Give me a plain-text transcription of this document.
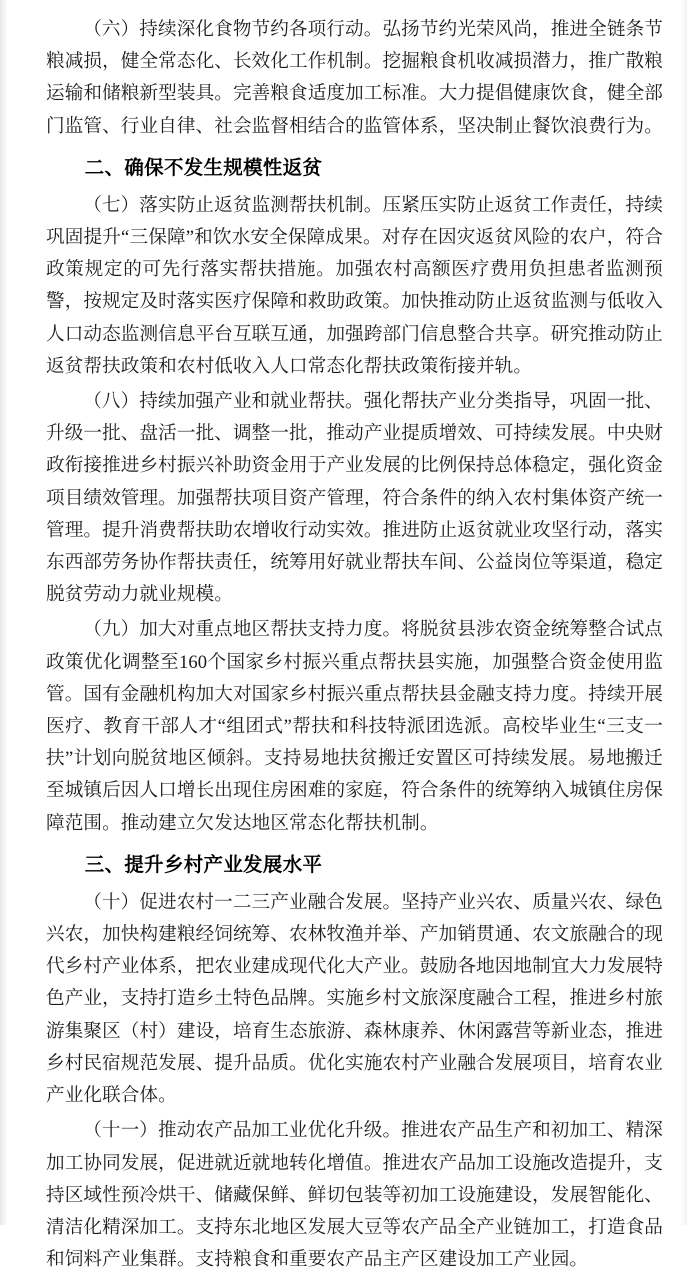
（六）持续深化食物节约各项行动。弘扬节约光荣风尚，推进全链条节粮减损，健全常态化、长效化工作机制。挖掘粮食机收减损潜力，推广散粮运输和储粮新型装具。完善粮食适度加工标准。大力提倡健康饮食，健全部门监管、行业自律、社会监督相结合的监管体系，坚决制止餐饮浪费行为。

二、确保不发生规模性返贫

（七）落实防止返贫监测帮扶机制。压紧压实防止返贫工作责任，持续巩固提升“三保障”和饮水安全保障成果。对存在因灾返贫风险的农户，符合政策规定的可先行落实帮扶措施。加强农村高额医疗费用负担患者监测预警，按规定及时落实医疗保障和救助政策。加快推动防止返贫监测与低收入人口动态监测信息平台互联互通，加强跨部门信息整合共享。研究推动防止返贫帮扶政策和农村低收入人口常态化帮扶政策衔接并轨。

（八）持续加强产业和就业帮扶。强化帮扶产业分类指导，巩固一批、升级一批、盘活一批、调整一批，推动产业提质增效、可持续发展。中央财政衔接推进乡村振兴补助资金用于产业发展的比例保持总体稳定，强化资金项目绩效管理。加强帮扶项目资产管理，符合条件的纳入农村集体资产统一管理。提升消费帮扶助农增收行动实效。推进防止返贫就业攻坚行动，落实东西部劳务协作帮扶责任，统筹用好就业帮扶车间、公益岗位等渠道，稳定脱贫劳动力就业规模。

（九）加大对重点地区帮扶支持力度。将脱贫县涉农资金统筹整合试点政策优化调整至160个国家乡村振兴重点帮扶县实施，加强整合资金使用监管。国有金融机构加大对国家乡村振兴重点帮扶县金融支持力度。持续开展医疗、教育干部人才“组团式”帮扶和科技特派团选派。高校毕业生“三支一扶”计划向脱贫地区倾斜。支持易地扶贫搬迁安置区可持续发展。易地搬迁至城镇后因人口增长出现住房困难的家庭，符合条件的统筹纳入城镇住房保障范围。推动建立欠发达地区常态化帮扶机制。

三、提升乡村产业发展水平

（十）促进农村一二三产业融合发展。坚持产业兴农、质量兴农、绿色兴农，加快构建粮经饲统筹、农林牧渔并举、产加销贯通、农文旅融合的现代乡村产业体系，把农业建成现代化大产业。鼓励各地因地制宜大力发展特色产业，支持打造乡土特色品牌。实施乡村文旅深度融合工程，推进乡村旅游集聚区（村）建设，培育生态旅游、森林康养、休闲露营等新业态，推进乡村民宿规范发展、提升品质。优化实施农村产业融合发展项目，培育农业产业化联合体。

（十一）推动农产品加工业优化升级。推进农产品生产和初加工、精深加工协同发展，促进就近就地转化增值。推进农产品加工设施改造提升，支持区域性预冷烘干、储藏保鲜、鲜切包装等初加工设施建设，发展智能化、清洁化精深加工。支持东北地区发展大豆等农产品全产业链加工，打造食品和饲料产业集群。支持粮食和重要农产品主产区建设加工产业园。
